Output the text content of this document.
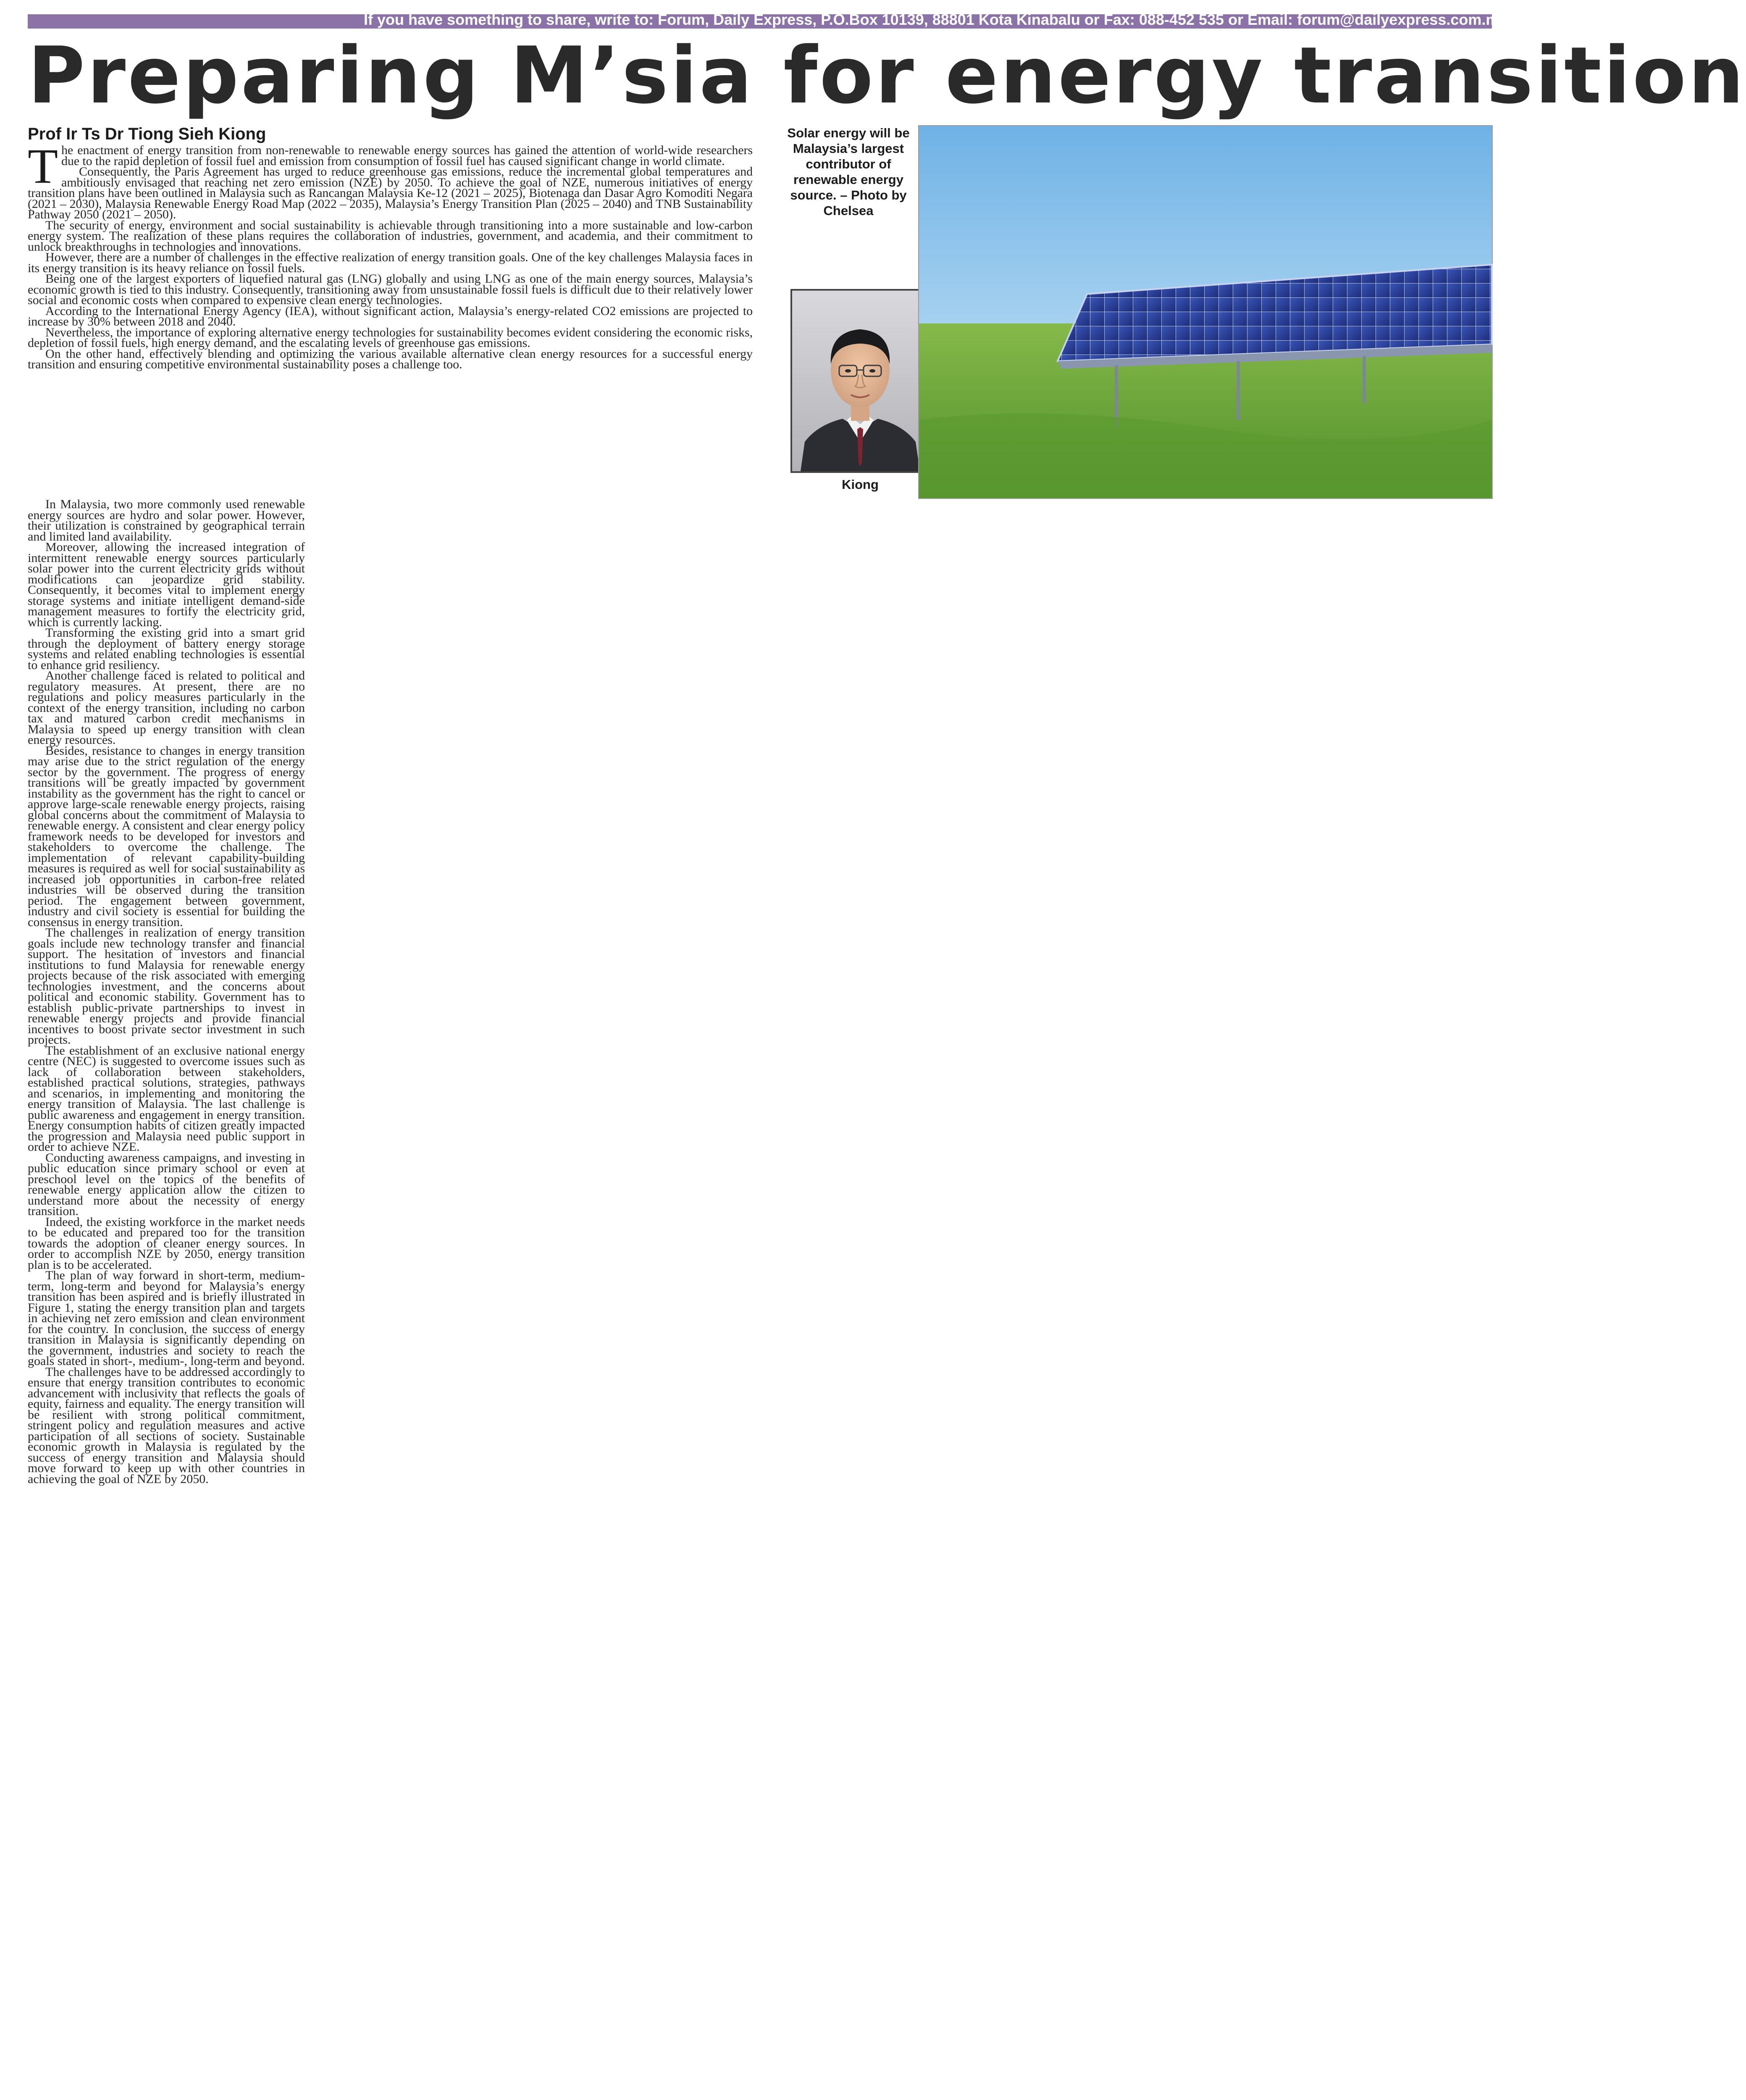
If you have something to share, write to: Forum, Daily Express, P.O.Box 10139, 88801 Kota Kinabalu or Fax: 088-452 535 or Email: forum@dailyexpress.com.my
Preparing M’sia for energy transition
Prof Ir Ts Dr Tiong Sieh Kiong

The enactment of energy transition from non-renewable to renewable energy sources has gained the attention of world-wide researchers due to the rapid depletion of fossil fuel and emission from consumption of fossil fuel has caused significant change in world climate.

Consequently, the Paris Agreement has urged to reduce greenhouse gas emissions, reduce the incremental global temperatures and ambitiously envisaged that reaching net zero emission (NZE) by 2050. To achieve the goal of NZE, numerous initiatives of energy transition plans have been outlined in Malaysia such as Rancangan Malaysia Ke-12 (2021 – 2025), Biotenaga dan Dasar Agro Komoditi Negara (2021 – 2030), Malaysia Renewable Energy Road Map (2022 – 2035), Malaysia’s Energy Transition Plan (2025 – 2040) and TNB Sustainability Pathway 2050 (2021 – 2050).

The security of energy, environment and social sustainability is achievable through transitioning into a more sustainable and low-carbon energy system. The realization of these plans requires the collaboration of industries, government, and academia, and their commitment to unlock breakthroughs in technologies and innovations.

However, there are a number of challenges in the effective realization of energy transition goals. One of the key challenges Malaysia faces in its energy transition is its heavy reliance on fossil fuels.

Being one of the largest exporters of liquefied natural gas (LNG) globally and using LNG as one of the main energy sources, Malaysia’s economic growth is tied to this industry. Consequently, transitioning away from unsustainable fossil fuels is difficult due to their relatively lower social and economic costs when compared to expensive clean energy technologies.

According to the International Energy Agency (IEA), without significant action, Malaysia’s energy-related CO2 emissions are projected to increase by 30% between 2018 and 2040.

Nevertheless, the importance of exploring alternative energy technologies for sustainability becomes evident considering the economic risks, depletion of fossil fuels, high energy demand, and the escalating levels of greenhouse gas emissions.

On the other hand, effectively blending and optimizing the various available alternative clean energy resources for a successful energy transition and ensuring competitive environmental sustainability poses a challenge too.

In Malaysia, two more commonly used renewable energy sources are hydro and solar power. However, their utilization is constrained by geographical terrain and limited land availability.

Moreover, allowing the increased integration of intermittent renewable energy sources particularly solar power into the current electricity grids without modifications can jeopardize grid stability. Consequently, it becomes vital to implement energy storage systems and initiate intelligent demand-side management measures to fortify the electricity grid, which is currently lacking.

Transforming the existing grid into a smart grid through the deployment of battery energy storage systems and related enabling technologies is essential to enhance grid resiliency.

Another challenge faced is related to political and regulatory measures. At present, there are no regulations and policy measures particularly in the context of the energy transition, including no carbon tax and matured carbon credit mechanisms in Malaysia to speed up energy transition with clean energy resources.

Besides, resistance to changes in energy transition may arise due to the strict regulation of the energy sector by the government. The progress of energy transitions will be greatly impacted by government instability as the government has the right to cancel or approve large-scale renewable energy projects, raising global concerns about the commitment of Malaysia to renewable energy. A consistent and clear energy policy framework needs to be developed for investors and stakeholders to overcome the challenge. The implementation of relevant capability-building measures is required as well for social sustainability as increased job opportunities in carbon-free related industries will be observed during the transition period. The engagement between government, industry and civil society is essential for building the consensus in energy transition.

The challenges in realization of energy transition goals include new technology transfer and financial support. The hesitation of investors and financial institutions to fund Malaysia for renewable energy projects because of the risk associated with emerging technologies investment, and the concerns about political and economic stability. Government has to establish public-private partnerships to invest in renewable energy projects and provide financial incentives to boost private sector investment in such projects.

The establishment of an exclusive national energy centre (NEC) is suggested to overcome issues such as lack of collaboration between stakeholders, established practical solutions, strategies, pathways and scenarios, in implementing and monitoring the energy transition of Malaysia. The last challenge is public awareness and engagement in energy transition. Energy consumption habits of citizen greatly impacted the progression and Malaysia need public support in order to achieve NZE.

Conducting awareness campaigns, and investing in public education since primary school or even at preschool level on the topics of the benefits of renewable energy application allow the citizen to understand more about the necessity of energy transition.

Indeed, the existing workforce in the market needs to be educated and prepared too for the transition towards the adoption of cleaner energy sources. In order to accomplish NZE by 2050, energy transition plan is to be accelerated.

The plan of way forward in short-term, medium-term, long-term and beyond for Malaysia’s energy transition has been aspired and is briefly illustrated in Figure 1, stating the energy transition plan and targets in achieving net zero emission and clean environment for the country. In conclusion, the success of energy transition in Malaysia is significantly depending on the government, industries and society to reach the goals stated in short-, medium-, long-term and beyond.

The challenges have to be addressed accordingly to ensure that energy transition contributes to economic advancement with inclusivity that reflects the goals of equity, fairness and equality. The energy transition will be resilient with strong political commitment, stringent policy and regulation measures and active participation of all sections of society. Sustainable economic growth in Malaysia is regulated by the success of energy transition and Malaysia should move forward to keep up with other countries in achieving the goal of NZE by 2050.

Solar energy will be Malaysia’s largest contributor of renewable energy source. – Photo by Chelsea

Kiong
